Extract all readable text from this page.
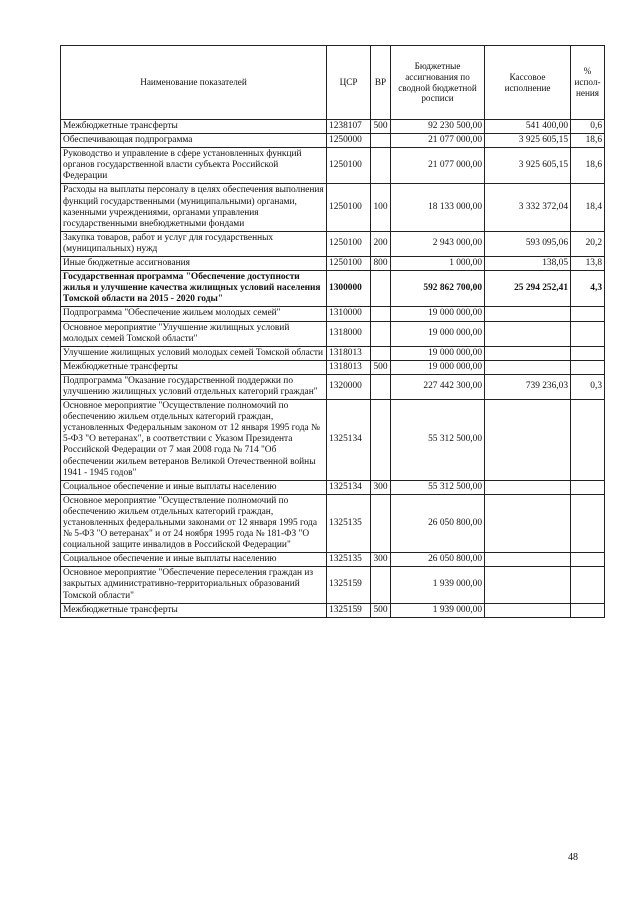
Наименование показателей	ЦСР	ВР	Бюджетные ассигнования по сводной бюджетной росписи	Кассовое исполнение	% испол-нения
Межбюджетные трансферты	1238107	500	92 230 500,00	541 400,00	0,6
Обеспечивающая подпрограмма	1250000		21 077 000,00	3 925 605,15	18,6
Руководство и управление в сфере установленных функций органов государственной власти субъекта Российской Федерации	1250100		21 077 000,00	3 925 605,15	18,6
Расходы на выплаты персоналу в целях обеспечения выполнения функций государственными (муниципальными) органами, казенными учреждениями, органами управления государственными внебюджетными фондами	1250100	100	18 133 000,00	3 332 372,04	18,4
Закупка товаров, работ и услуг для государственных (муниципальных) нужд	1250100	200	2 943 000,00	593 095,06	20,2
Иные бюджетные ассигнования	1250100	800	1 000,00	138,05	13,8
Государственная программа "Обеспечение доступности жилья и улучшение качества жилищных условий населения Томской области на 2015 - 2020 годы"	1300000		592 862 700,00	25 294 252,41	4,3
Подпрограмма "Обеспечение жильем молодых семей"	1310000		19 000 000,00		
Основное мероприятие "Улучшение жилищных условий молодых семей Томской области"	1318000		19 000 000,00		
Улучшение жилищных условий молодых семей Томской области	1318013		19 000 000,00		
Межбюджетные трансферты	1318013	500	19 000 000,00		
Подпрограмма "Оказание государственной поддержки по улучшению жилищных условий отдельных категорий граждан"	1320000		227 442 300,00	739 236,03	0,3
Основное мероприятие "Осуществление полномочий по обеспечению жильем отдельных категорий граждан, установленных Федеральным законом от 12 января 1995 года № 5-ФЗ "О ветеранах", в соответствии с Указом Президента Российской Федерации от 7 мая 2008 года № 714 "Об обеспечении жильем ветеранов Великой Отечественной войны 1941 - 1945 годов"	1325134		55 312 500,00		
Социальное обеспечение и иные выплаты населению	1325134	300	55 312 500,00		
Основное мероприятие "Осуществление полномочий по обеспечению жильем отдельных категорий граждан, установленных федеральными законами от 12 января 1995 года № 5-ФЗ "О ветеранах" и от 24 ноября 1995 года № 181-ФЗ "О социальной защите инвалидов в Российской Федерации"	1325135		26 050 800,00		
Социальное обеспечение и иные выплаты населению	1325135	300	26 050 800,00		
Основное мероприятие "Обеспечение переселения граждан из закрытых административно-территориальных образований Томской области"	1325159		1 939 000,00		
Межбюджетные трансферты	1325159	500	1 939 000,00		
48
